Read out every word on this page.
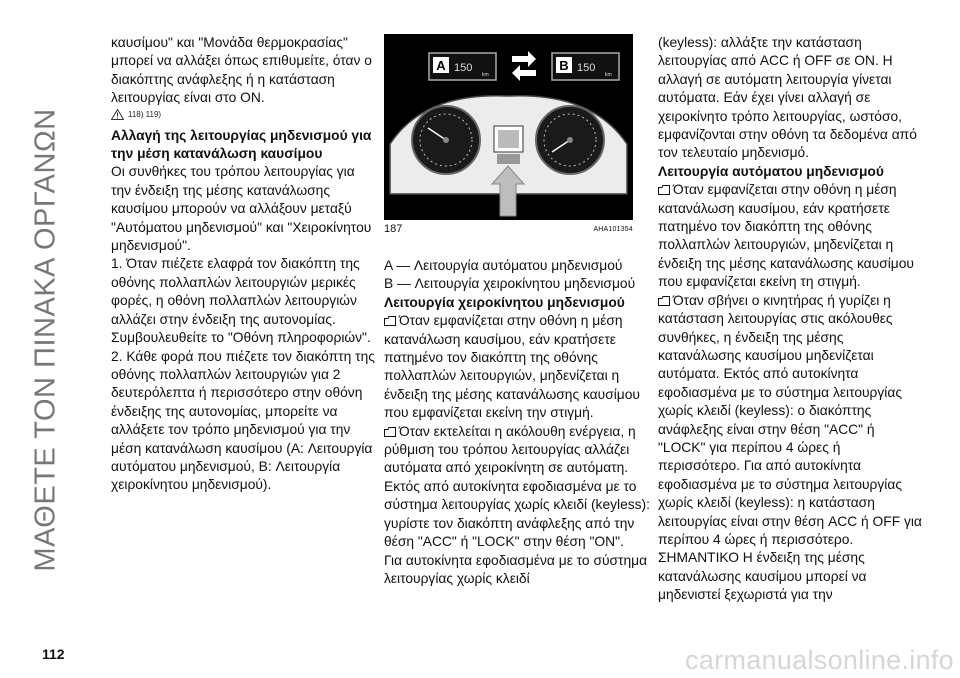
ΜΑΘΕΤΕ ΤΟΝ ΠΙΝΑΚΑ ΟΡΓΑΝΩΝ

καυσίμου" και "Μονάδα θερμοκρασίας" μπορεί να αλλάξει όπως επιθυμείτε, όταν ο διακόπτης ανάφλεξης ή η κατάσταση λειτουργίας είναι στο ON.

118) 119)

Αλλαγή της λειτουργίας μηδενισμού για την μέση κατανάλωση καυσίμου

Οι συνθήκες του τρόπου λειτουργίας για την ένδειξη της μέσης κατανάλωσης καυσίμου μπορούν να αλλάξουν μεταξύ "Αυτόματου μηδενισμού" και "Χειροκίνητου μηδενισμού".

1. Όταν πιέζετε ελαφρά τον διακόπτη της οθόνης πολλαπλών λειτουργιών μερικές φορές, η οθόνη πολλαπλών λειτουργιών αλλάζει στην ένδειξη της αυτονομίας. Συμβουλευθείτε το "Οθόνη πληροφοριών".

2. Κάθε φορά που πιέζετε τον διακόπτη της οθόνης πολλαπλών λειτουργιών για 2 δευτερόλεπτα ή περισσότερο στην οθόνη ένδειξης της αυτονομίας, μπορείτε να αλλάξετε τον τρόπο μηδενισμού για την μέση κατανάλωση καυσίμου (A: Λειτουργία αυτόματου μηδενισμού, B: Λειτουργία χειροκίνητου μηδενισμού).

A 150
km
B 150
km
187	AHA101354

A — Λειτουργία αυτόματου μηδενισμού

B — Λειτουργία χειροκίνητου μηδενισμού

Λειτουργία χειροκίνητου μηδενισμού

Όταν εμφανίζεται στην οθόνη η μέση κατανάλωση καυσίμου, εάν κρατήσετε πατημένο τον διακόπτη της οθόνης πολλαπλών λειτουργιών, μηδενίζεται η ένδειξη της μέσης κατανάλωσης καυσίμου που εμφανίζεται εκείνη την στιγμή.

Όταν εκτελείται η ακόλουθη ενέργεια, η ρύθμιση του τρόπου λειτουργίας αλλάζει αυτόματα από χειροκίνητη σε αυτόματη. Εκτός από αυτοκίνητα εφοδιασμένα με το σύστημα λειτουργίας χωρίς κλειδί (keyless): γυρίστε τον διακόπτη ανάφλεξης από την θέση "ACC" ή "LOCK" στην θέση "ON".

Για αυτοκίνητα εφοδιασμένα με το σύστημα λειτουργίας χωρίς κλειδί

(keyless): αλλάξτε την κατάσταση λειτουργίας από ACC ή OFF σε ON. Η αλλαγή σε αυτόματη λειτουργία γίνεται αυτόματα. Εάν έχει γίνει αλλαγή σε χειροκίνητο τρόπο λειτουργίας, ωστόσο, εμφανίζονται στην οθόνη τα δεδομένα από τον τελευταίο μηδενισμό.

Λειτουργία αυτόματου μηδενισμού

Όταν εμφανίζεται στην οθόνη η μέση κατανάλωση καυσίμου, εάν κρατήσετε πατημένο τον διακόπτη της οθόνης πολλαπλών λειτουργιών, μηδενίζεται η ένδειξη της μέσης κατανάλωσης καυσίμου που εμφανίζεται εκείνη τη στιγμή.

Όταν σβήνει ο κινητήρας ή γυρίζει η κατάσταση λειτουργίας στις ακόλουθες συνθήκες, η ένδειξη της μέσης κατανάλωσης καυσίμου μηδενίζεται αυτόματα. Εκτός από αυτοκίνητα εφοδιασμένα με το σύστημα λειτουργίας χωρίς κλειδί (keyless): ο διακόπτης ανάφλεξης είναι στην θέση "ACC" ή "LOCK" για περίπου 4 ώρες ή περισσότερο. Για από αυτοκίνητα εφοδιασμένα με το σύστημα λειτουργίας χωρίς κλειδί (keyless): η κατάσταση λειτουργίας είναι στην θέση ACC ή OFF για περίπου 4 ώρες ή περισσότερο.

ΣΗΜΑΝΤΙΚΟ Η ένδειξη της μέσης κατανάλωσης καυσίμου μπορεί να μηδενιστεί ξεχωριστά για την

112	carmanualsonline.info
